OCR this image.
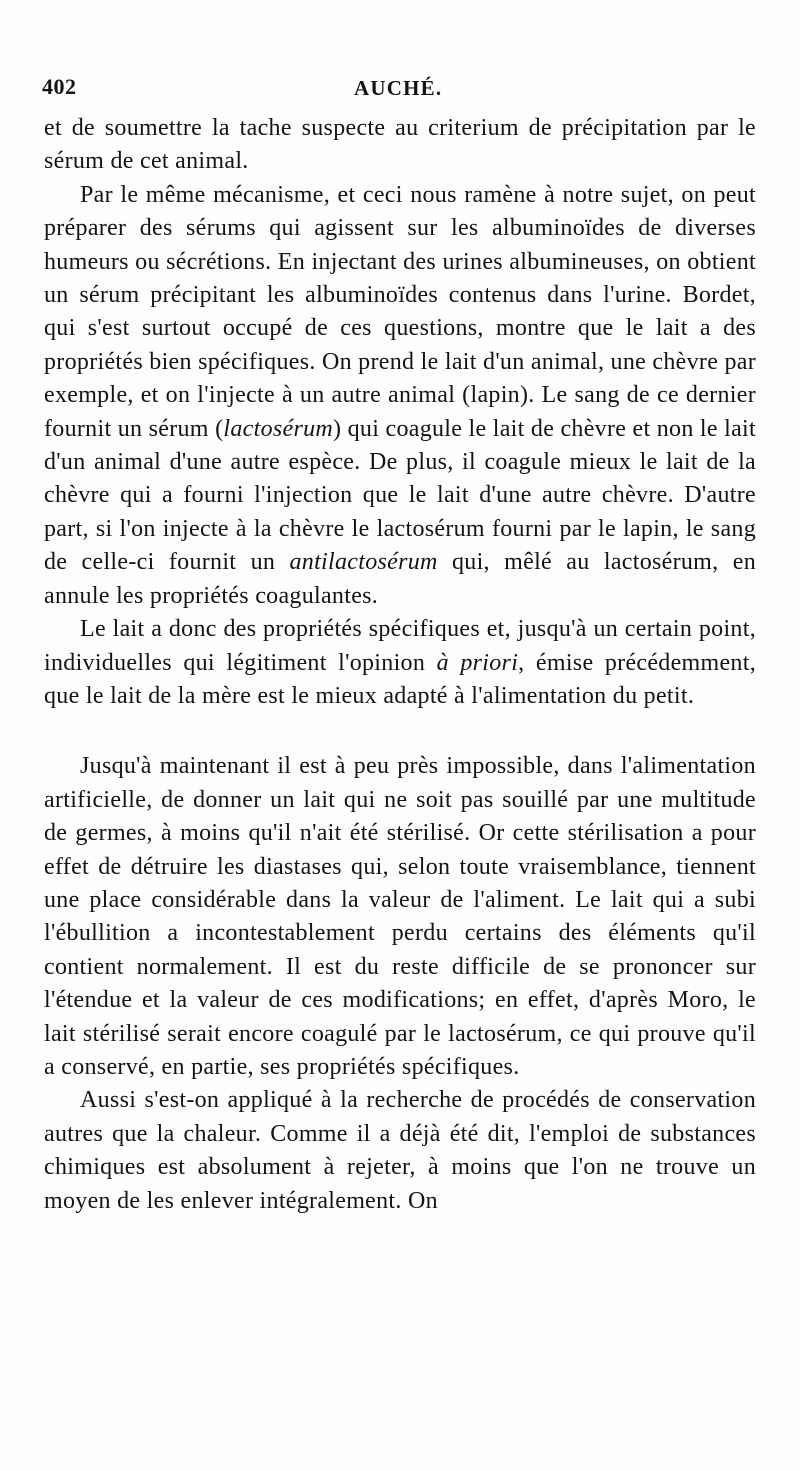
402	AUCHÉ.

et de soumettre la tache suspecte au criterium de précipitation par le sérum de cet animal.

Par le même mécanisme, et ceci nous ramène à notre sujet, on peut préparer des sérums qui agissent sur les albuminoïdes de diverses humeurs ou sécrétions. En injectant des urines albumineuses, on obtient un sérum précipitant les albuminoïdes contenus dans l'urine. Bordet, qui s'est surtout occupé de ces questions, montre que le lait a des propriétés bien spécifiques. On prend le lait d'un animal, une chèvre par exemple, et on l'injecte à un autre animal (lapin). Le sang de ce dernier fournit un sérum (lactosérum) qui coagule le lait de chèvre et non le lait d'un animal d'une autre espèce. De plus, il coagule mieux le lait de la chèvre qui a fourni l'injection que le lait d'une autre chèvre. D'autre part, si l'on injecte à la chèvre le lactosérum fourni par le lapin, le sang de celle-ci fournit un antilactosérum qui, mêlé au lactosérum, en annule les propriétés coagulantes.

Le lait a donc des propriétés spécifiques et, jusqu'à un certain point, individuelles qui légitiment l'opinion à priori, émise précédemment, que le lait de la mère est le mieux adapté à l'alimentation du petit.

Jusqu'à maintenant il est à peu près impossible, dans l'alimentation artificielle, de donner un lait qui ne soit pas souillé par une multitude de germes, à moins qu'il n'ait été stérilisé. Or cette stérilisation a pour effet de détruire les diastases qui, selon toute vraisemblance, tiennent une place considérable dans la valeur de l'aliment. Le lait qui a subi l'ébullition a incontestablement perdu certains des éléments qu'il contient normalement. Il est du reste difficile de se prononcer sur l'étendue et la valeur de ces modifications; en effet, d'après Moro, le lait stérilisé serait encore coagulé par le lactosérum, ce qui prouve qu'il a conservé, en partie, ses propriétés spécifiques.

Aussi s'est-on appliqué à la recherche de procédés de conservation autres que la chaleur. Comme il a déjà été dit, l'emploi de substances chimiques est absolument à rejeter, à moins que l'on ne trouve un moyen de les enlever intégralement. On
